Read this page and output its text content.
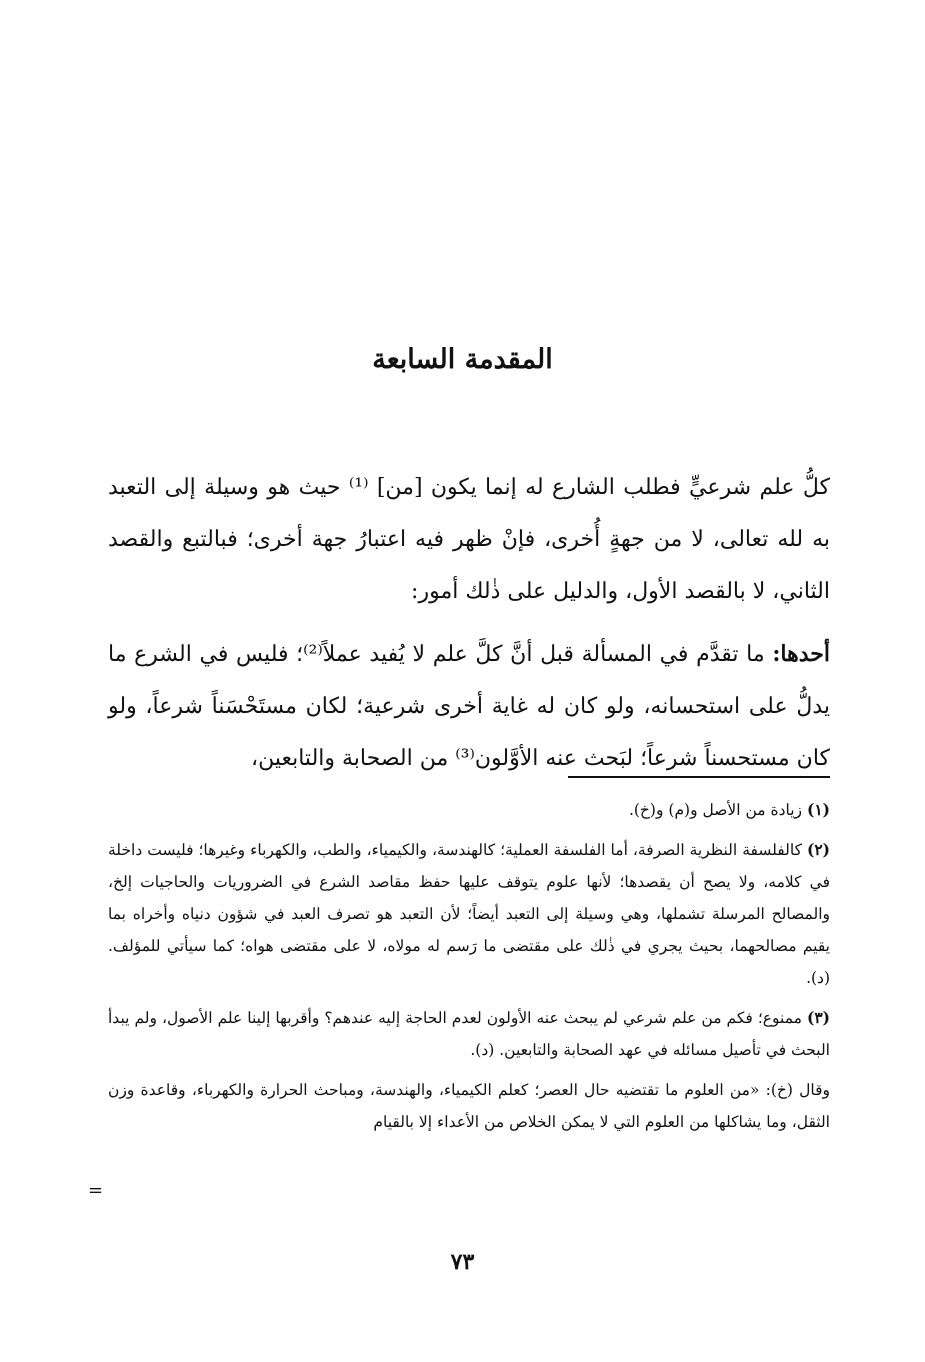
المقدمة السابعة

كلُّ علم شرعيٍّ فطلب الشارع له إنما يكون [من] ⁽¹⁾ حيث هو وسيلة إلى التعبد به لله تعالى، لا من جهةٍ أُخرى، فإنْ ظهر فيه اعتبارُ جهة أخرى؛ فبالتبع والقصد الثاني، لا بالقصد الأول، والدليل على ذٰلك أمور:

أحدها: ما تقدَّم في المسألة قبل أنَّ كلَّ علم لا يُفيد عملاً⁽²⁾؛ فليس في الشرع ما يدلُّ على استحسانه، ولو كان له غاية أخرى شرعية؛ لكان مستَحْسَناً شرعاً، ولو كان مستحسناً شرعاً؛ لبَحث عنه الأوَّلون⁽³⁾ من الصحابة والتابعين،

(١) زيادة من الأصل و(م) و(خ).

(٢) كالفلسفة النظرية الصرفة، أما الفلسفة العملية؛ كالهندسة، والكيمياء، والطب، والكهرباء وغيرها؛ فليست داخلة في كلامه، ولا يصح أن يقصدها؛ لأنها علوم يتوقف عليها حفظ مقاصد الشرع في الضروريات والحاجيات إلخ، والمصالح المرسلة تشملها، وهي وسيلة إلى التعبد أيضاً؛ لأن التعبد هو تصرف العبد في شؤون دنياه وأخراه بما يقيم مصالحهما، بحيث يجري في ذٰلك على مقتضى ما رَسم له مولاه، لا على مقتضى هواه؛ كما سيأتي للمؤلف. (د).

(٣) ممنوع؛ فكم من علم شرعي لم يبحث عنه الأولون لعدم الحاجة إليه عندهم؟ وأقربها إلينا علم الأصول، ولم يبدأ البحث في تأصيل مسائله في عهد الصحابة والتابعين. (د).

وقال (خ): «من العلوم ما تقتضيه حال العصر؛ كعلم الكيمياء، والهندسة، ومباحث الحرارة والكهرباء، وقاعدة وزن الثقل، وما يشاكلها من العلوم التي لا يمكن الخلاص من الأعداء إلا بالقيام

=
٧٣
